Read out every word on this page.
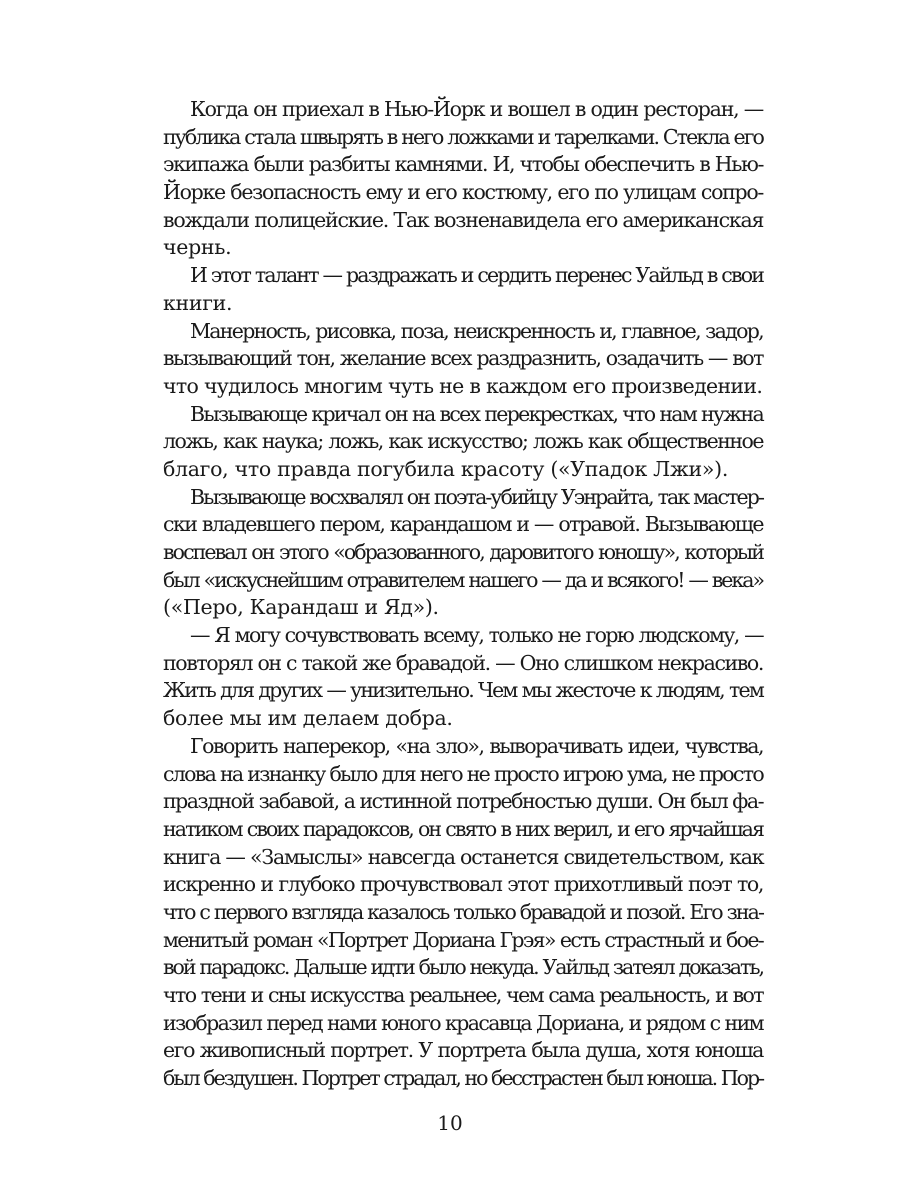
Когда он приехал в Нью-Йорк и вошел в один ресторан, —
публика стала швырять в него ложками и тарелками. Стекла его
экипажа были разбиты камнями. И, чтобы обеспечить в Нью-
Йорке безопасность ему и его костюму, его по улицам сопро-
вождали полицейские. Так возненавидела его американская
чернь.
И этот талант — раздражать и сердить перенес Уайльд в свои
книги.
Манерность, рисовка, поза, неискренность и, главное, задор,
вызывающий тон, желание всех раздразнить, озадачить — вот
что чудилось многим чуть не в каждом его произведении.
Вызывающе кричал он на всех перекрестках, что нам нужна
ложь, как наука; ложь, как искусство; ложь как общественное
благо, что правда погубила красоту («Упадок Лжи»).
Вызывающе восхвалял он поэта-убийцу Уэнрайта, так мастер-
ски владевшего пером, карандашом и — отравой. Вызывающе
воспевал он этого «образованного, даровитого юношу», который
был «искуснейшим отравителем нашего — да и всякого! — века»
(«Перо, Карандаш и Яд»).
— Я могу сочувствовать всему, только не горю людскому, —
повторял он с такой же бравадой. — Оно слишком некрасиво.
Жить для других — унизительно. Чем мы жесточе к людям, тем
более мы им делаем добра.
Говорить наперекор, «на зло», выворачивать идеи, чувства,
слова на изнанку было для него не просто игрою ума, не просто
праздной забавой, а истинной потребностью души. Он был фа-
натиком своих парадоксов, он свято в них верил, и его ярчайшая
книга — «Замыслы» навсегда останется свидетельством, как
искренно и глубоко прочувствовал этот прихотливый поэт то,
что с первого взгляда казалось только бравадой и позой. Его зна-
менитый роман «Портрет Дориана Грэя» есть страстный и бое-
вой парадокс. Дальше идти было некуда. Уайльд затеял доказать,
что тени и сны искусства реальнее, чем сама реальность, и вот
изобразил перед нами юного красавца Дориана, и рядом с ним
его живописный портрет. У портрета была душа, хотя юноша
был бездушен. Портрет страдал, но бесстрастен был юноша. Пор-
10
